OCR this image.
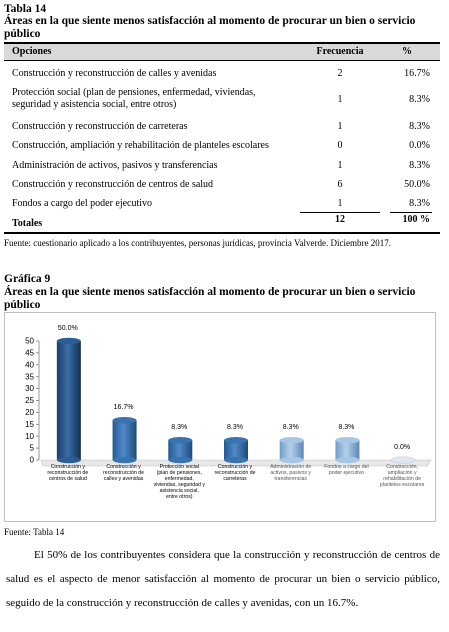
Tabla 14
Áreas en la que siente menos satisfacción al momento de procurar un bien o servicio público
Opciones	Frecuencia	%
Construcción y reconstrucción de calles y avenidas	2	16.7%
Protección social (plan de pensiones, enfermedad, viviendas, seguridad y asistencia social, entre otros)	1	8.3%
Construcción y reconstrucción de carreteras	1	8.3%
Construcción, ampliación y rehabilitación de planteles escolares	0	0.0%
Administración de activos, pasivos y transferencias	1	8.3%
Construcción y reconstrucción de centros de salud	6	50.0%
Fondos a cargo del poder ejecutivo	1	8.3%
Totales	12	100 %
Fuente: cuestionario aplicado a los contribuyentes, personas jurídicas, provincia Valverde. Diciembre 2017.
Gráfica 9
Áreas en la que siente menos satisfacción al momento de procurar un bien o servicio público
0
5
10
15
20
25
30
35
40
45
50
Construcción y reconstrucción de centros de salud
Construcción y reconstrucción de calles y avenidas
Protección social (plan de pensiones, enfermedad, viviendas, seguridad y asistencia social, entre otros)
Construcción y reconstrucción de carreteras
Administración de activos, pasivos y transferencias
Fondos a cargo del poder ejecutivo
Construcción, ampliación y rehabilitación de planteles escolares
50.0%
16.7%
8.3%	8.3%	8.3%	8.3%
0.0%
Fuente: Tabla 14
El 50% de los contribuyentes considera que la construcción y reconstrucción de centros de salud es el aspecto de menor satisfacción al momento de procurar un bien o servicio público, seguido de la construcción y reconstrucción de calles y avenidas, con un 16.7%.
